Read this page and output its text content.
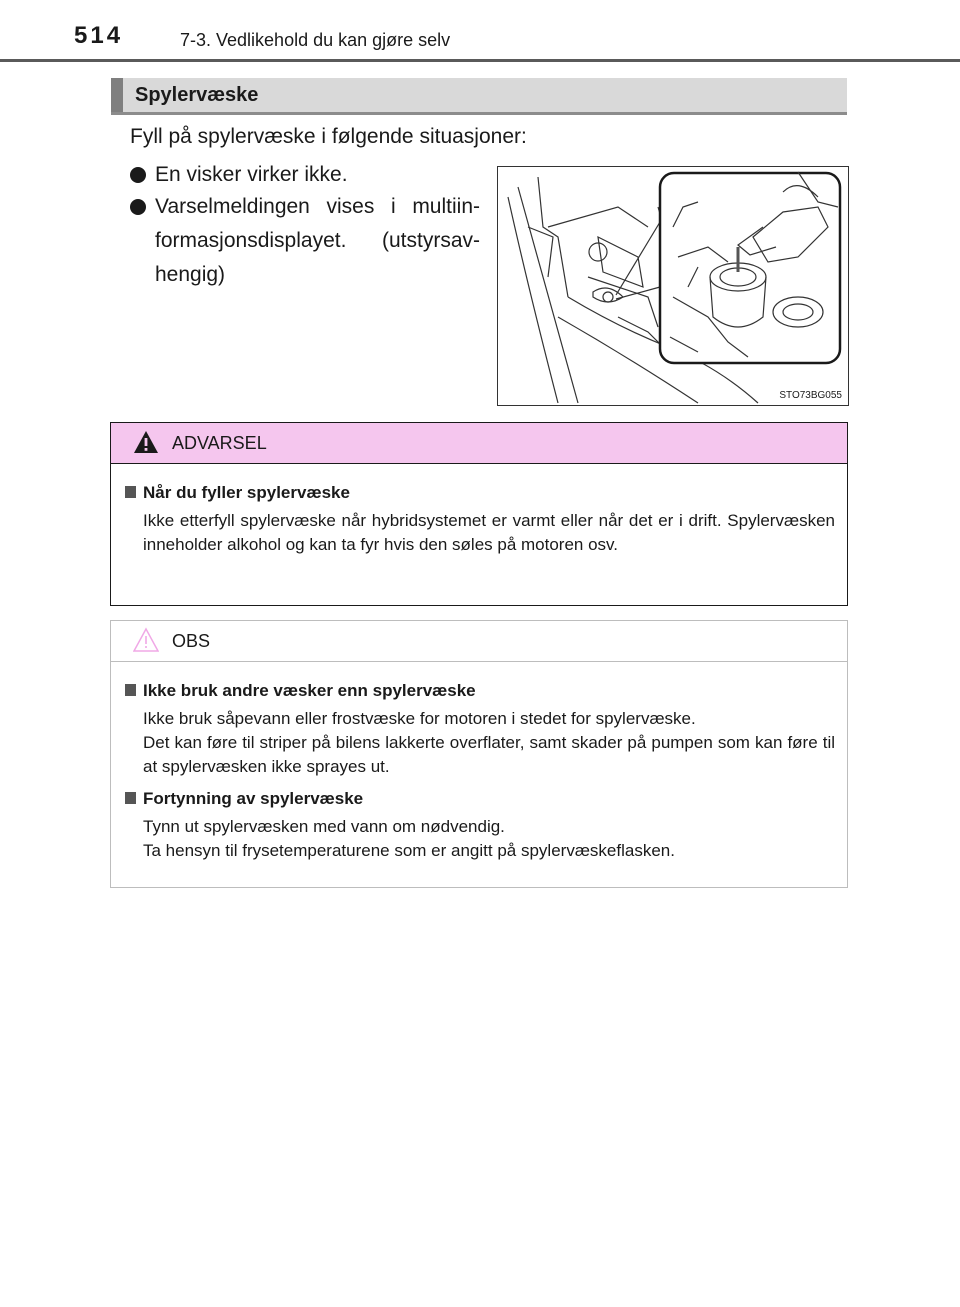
514	7-3. Vedlikehold du kan gjøre selv
Spylervæske
Fyll på spylervæske i følgende situasjoner:
En visker virker ikke.
Varselmeldingen vises i multiin-formasjonsdisplayet. (utstyrsav-hengig)
STO73BG055
ADVARSEL
Når du fyller spylervæske
Ikke etterfyll spylervæske når hybridsystemet er varmt eller når det er i drift. Spylervæsken inneholder alkohol og kan ta fyr hvis den søles på motoren osv.
OBS
Ikke bruk andre væsker enn spylervæske
Ikke bruk såpevann eller frostvæske for motoren i stedet for spylervæske.
Det kan føre til striper på bilens lakkerte overflater, samt skader på pumpen som kan føre til at spylervæsken ikke sprayes ut.
Fortynning av spylervæske
Tynn ut spylervæsken med vann om nødvendig.
Ta hensyn til frysetemperaturene som er angitt på spylervæskeflasken.
